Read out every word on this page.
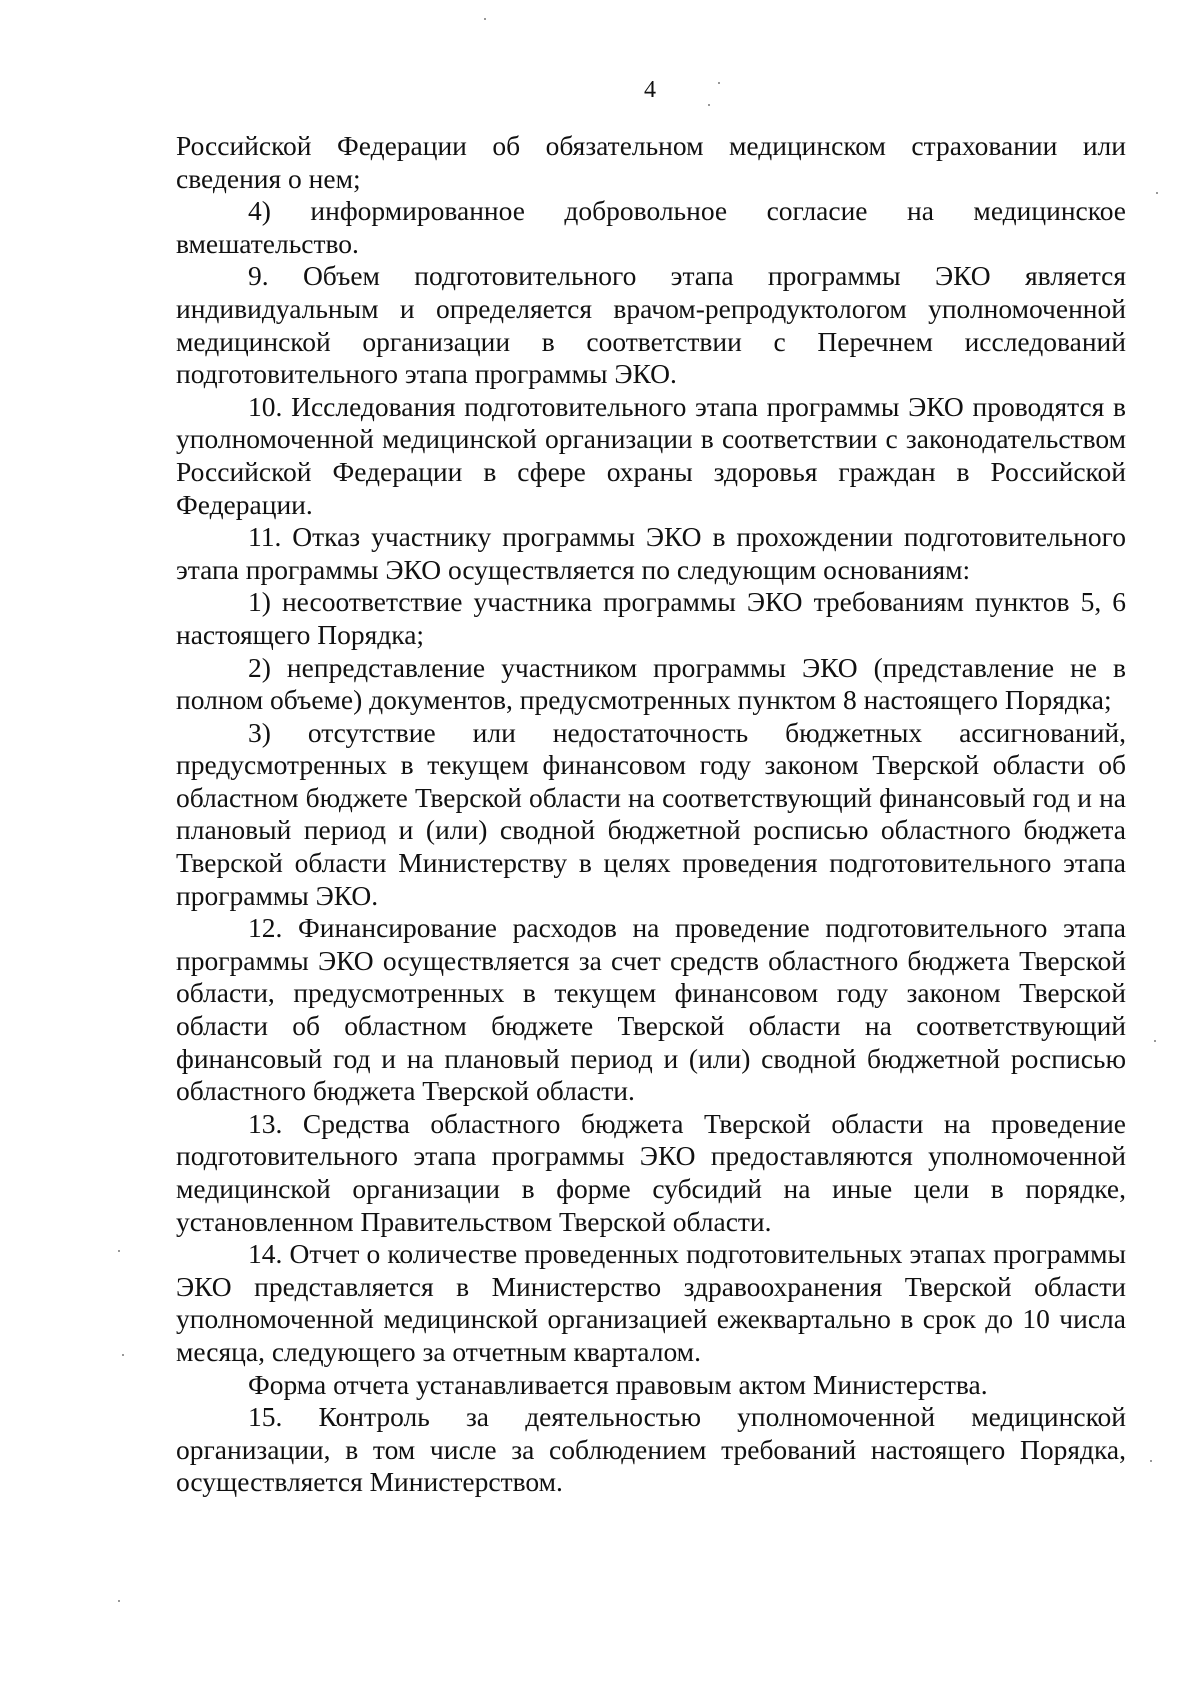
4

Российской Федерации об обязательном медицинском страховании или сведения о нем;

4) информированное добровольное согласие на медицинское вмешательство.

9. Объем подготовительного этапа программы ЭКО является индивидуальным и определяется врачом-репродуктологом уполномоченной медицинской организации в соответствии с Перечнем исследований подготовительного этапа программы ЭКО.

10. Исследования подготовительного этапа программы ЭКО проводятся в уполномоченной медицинской организации в соответствии с законодательством Российской Федерации в сфере охраны здоровья граждан в Российской Федерации.

11. Отказ участнику программы ЭКО в прохождении подготовительного этапа программы ЭКО осуществляется по следующим основаниям:

1) несоответствие участника программы ЭКО требованиям пунктов 5, 6 настоящего Порядка;

2) непредставление участником программы ЭКО (представление не в полном объеме) документов, предусмотренных пунктом 8 настоящего Порядка;

3) отсутствие или недостаточность бюджетных ассигнований, предусмотренных в текущем финансовом году законом Тверской области об областном бюджете Тверской области на соответствующий финансовый год и на плановый период и (или) сводной бюджетной росписью областного бюджета Тверской области Министерству в целях проведения подготовительного этапа программы ЭКО.

12. Финансирование расходов на проведение подготовительного этапа программы ЭКО осуществляется за счет средств областного бюджета Тверской области, предусмотренных в текущем финансовом году законом Тверской области об областном бюджете Тверской области на соответствующий финансовый год и на плановый период и (или) сводной бюджетной росписью областного бюджета Тверской области.

13. Средства областного бюджета Тверской области на проведение подготовительного этапа программы ЭКО предоставляются уполномоченной медицинской организации в форме субсидий на иные цели в порядке, установленном Правительством Тверской области.

14. Отчет о количестве проведенных подготовительных этапах программы ЭКО представляется в Министерство здравоохранения Тверской области уполномоченной медицинской организацией ежеквартально в срок до 10 числа месяца, следующего за отчетным кварталом.

Форма отчета устанавливается правовым актом Министерства.

15. Контроль за деятельностью уполномоченной медицинской организации, в том числе за соблюдением требований настоящего Порядка, осуществляется Министерством.
